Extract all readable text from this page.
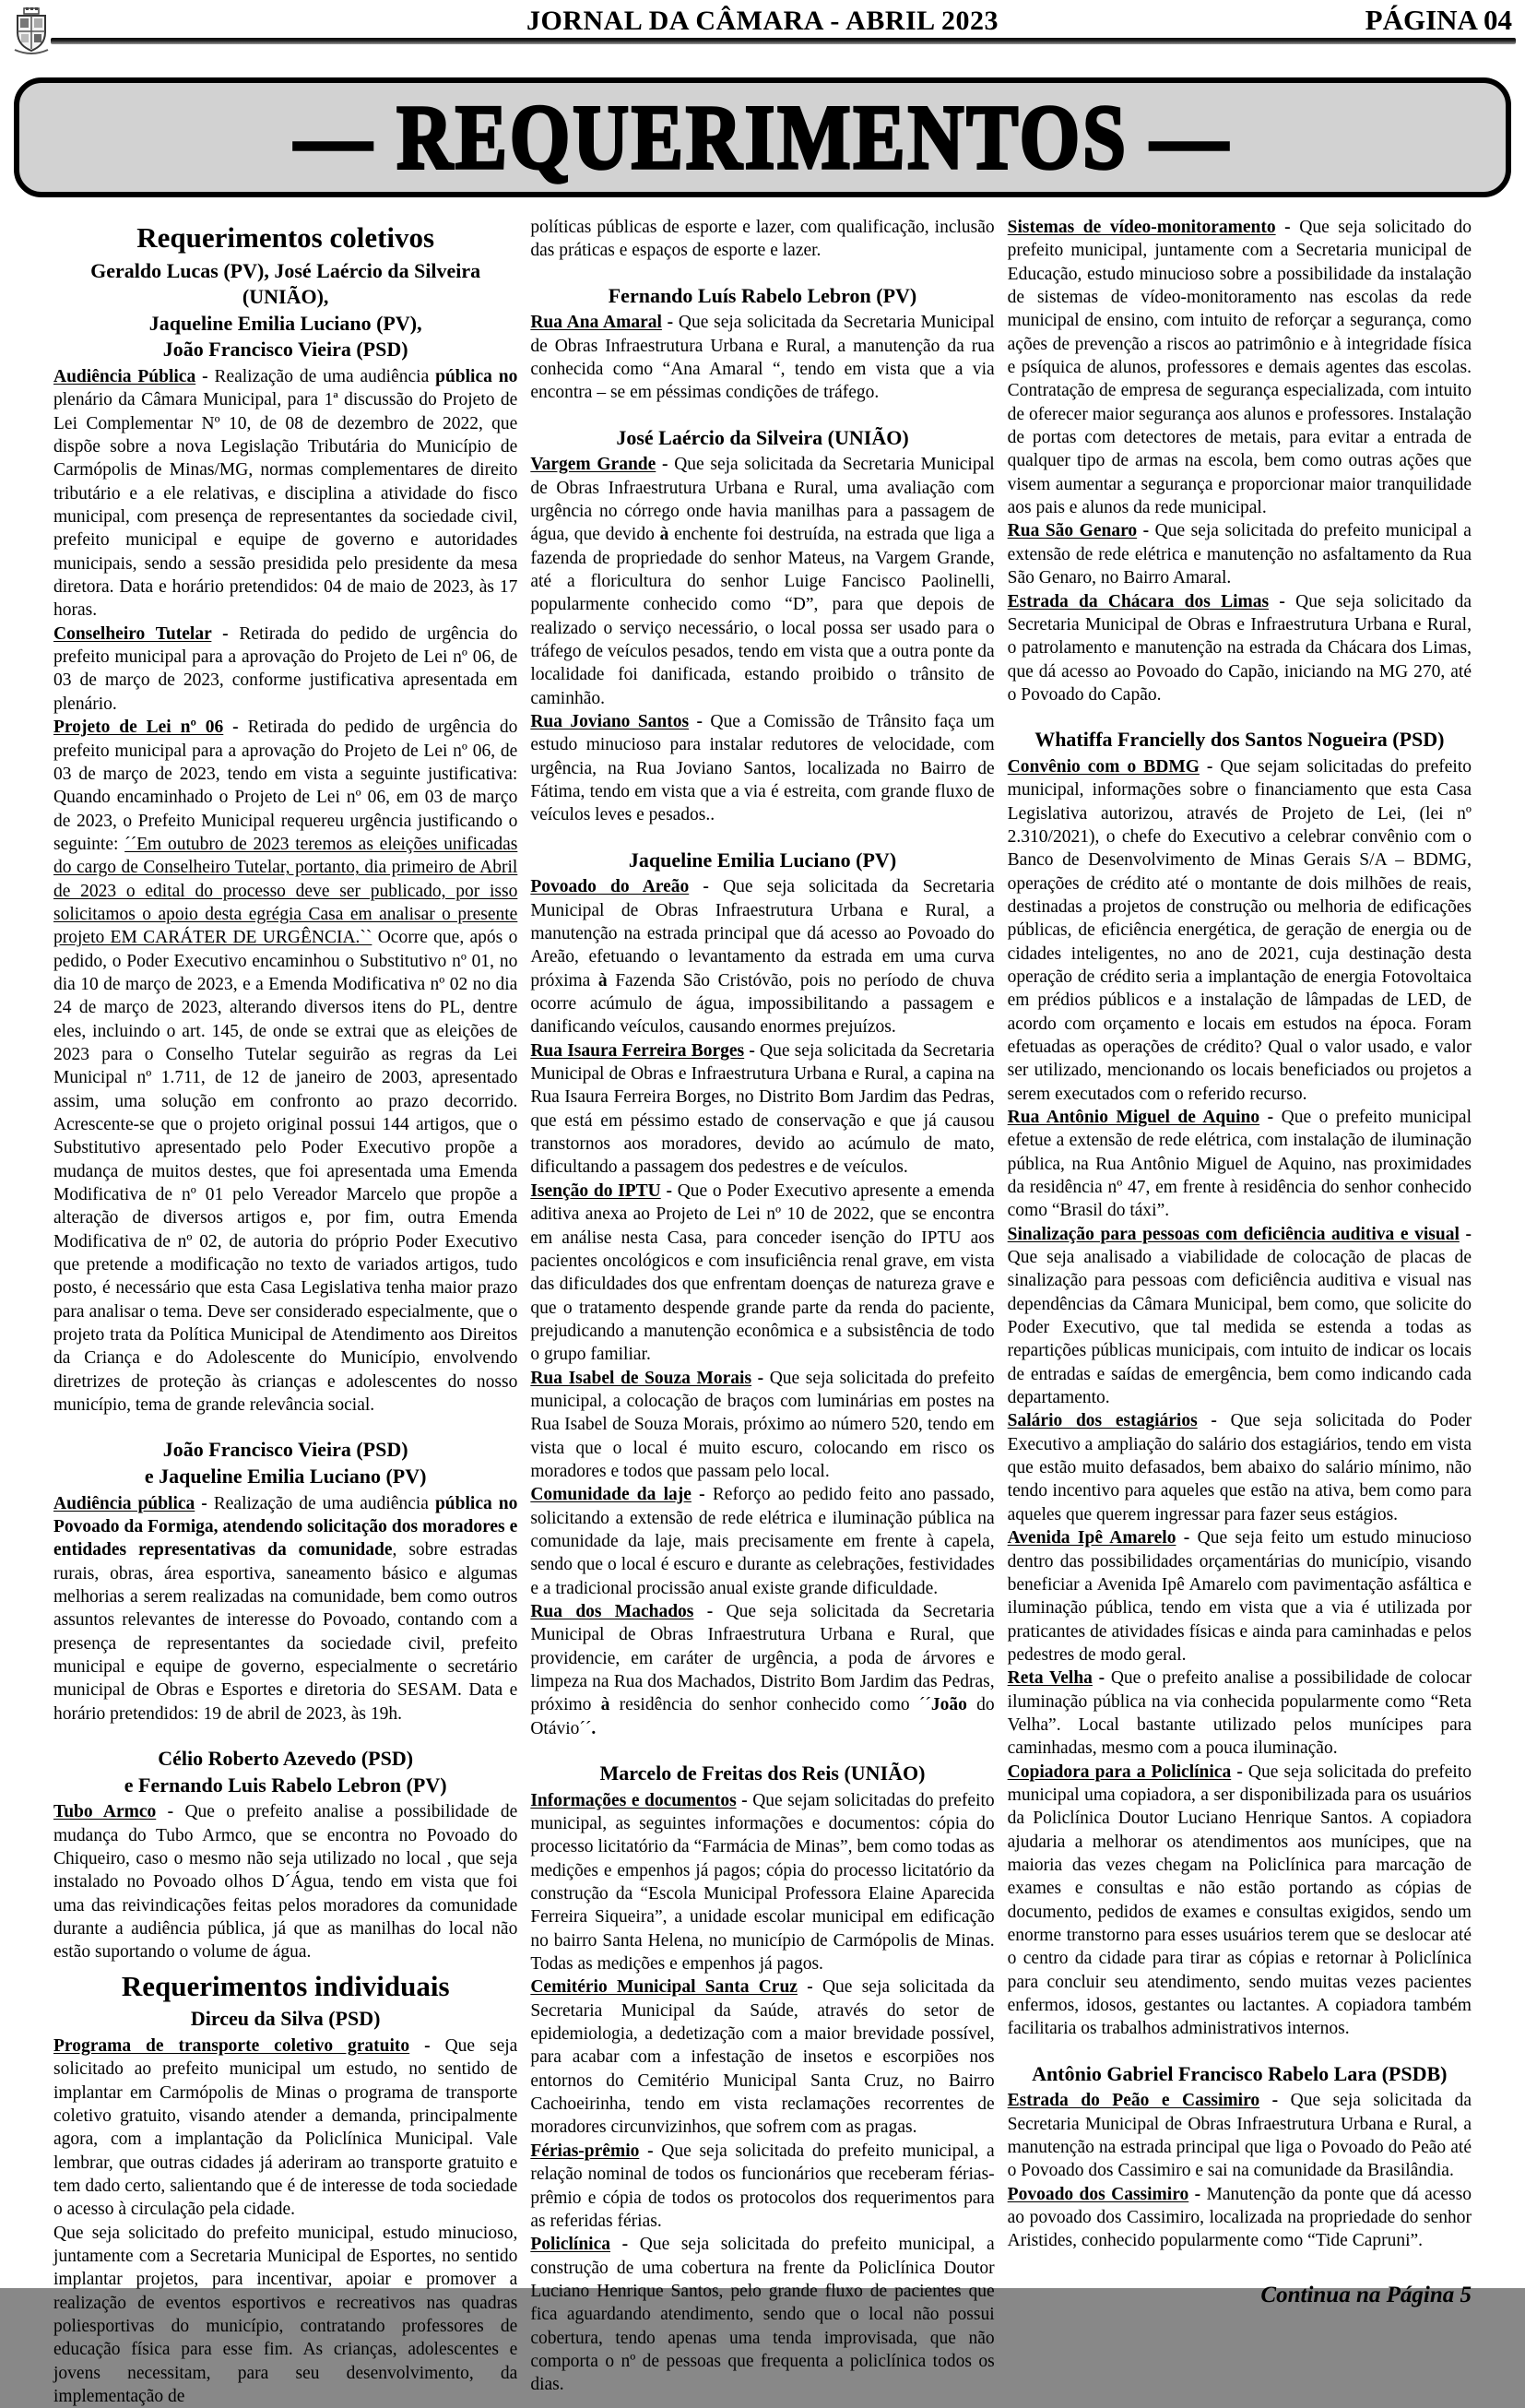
JORNAL DA CÂMARA - ABRIL 2023	PÁGINA 04
— REQUERIMENTOS —
Requerimentos coletivos
Geraldo Lucas (PV), José Laércio da Silveira (UNIÃO),
Jaqueline Emilia Luciano (PV),
João Francisco Vieira (PSD)

Audiência Pública - Realização de uma audiência pública no plenário da Câmara Municipal, para 1ª discussão do Projeto de Lei Complementar Nº 10, de 08 de dezembro de 2022, que dispõe sobre a nova Legislação Tributária do Município de Carmópolis de Minas/MG, normas complementares de direito tributário e a ele relativas, e disciplina a atividade do fisco municipal, com presença de representantes da sociedade civil, prefeito municipal e equipe de governo e autoridades municipais, sendo a sessão presidida pelo presidente da mesa diretora. Data e horário pretendidos: 04 de maio de 2023, às 17 horas.

Conselheiro Tutelar - Retirada do pedido de urgência do prefeito municipal para a aprovação do Projeto de Lei nº 06, de 03 de março de 2023, conforme justificativa apresentada em plenário.

Projeto de Lei nº 06 - Retirada do pedido de urgência do prefeito municipal para a aprovação do Projeto de Lei nº 06, de 03 de março de 2023, tendo em vista a seguinte justificativa: Quando encaminhado o Projeto de Lei nº 06, em 03 de março de 2023, o Prefeito Municipal requereu urgência justificando o seguinte: ´´Em outubro de 2023 teremos as eleições unificadas do cargo de Conselheiro Tutelar, portanto, dia primeiro de Abril de 2023 o edital do processo deve ser publicado, por isso solicitamos o apoio desta egrégia Casa em analisar o presente projeto EM CARÁTER DE URGÊNCIA.`` Ocorre que, após o pedido, o Poder Executivo encaminhou o Substitutivo nº 01, no dia 10 de março de 2023, e a Emenda Modificativa nº 02 no dia 24 de março de 2023, alterando diversos itens do PL, dentre eles, incluindo o art. 145, de onde se extrai que as eleições de 2023 para o Conselho Tutelar seguirão as regras da Lei Municipal nº 1.711, de 12 de janeiro de 2003, apresentado assim, uma solução em confronto ao prazo decorrido. Acrescente-se que o projeto original possui 144 artigos, que o Substitutivo apresentado pelo Poder Executivo propõe a mudança de muitos destes, que foi apresentada uma Emenda Modificativa de nº 01 pelo Vereador Marcelo que propõe a alteração de diversos artigos e, por fim, outra Emenda Modificativa de nº 02, de autoria do próprio Poder Executivo que pretende a modificação no texto de variados artigos, tudo posto, é necessário que esta Casa Legislativa tenha maior prazo para analisar o tema. Deve ser considerado especialmente, que o projeto trata da Política Municipal de Atendimento aos Direitos da Criança e do Adolescente do Município, envolvendo diretrizes de proteção às crianças e adolescentes do nosso município, tema de grande relevância social.

João Francisco Vieira (PSD)
e Jaqueline Emilia Luciano (PV)

Audiência pública - Realização de uma audiência pública no Povoado da Formiga, atendendo solicitação dos moradores e entidades representativas da comunidade, sobre estradas rurais, obras, área esportiva, saneamento básico e algumas melhorias a serem realizadas na comunidade, bem como outros assuntos relevantes de interesse do Povoado, contando com a presença de representantes da sociedade civil, prefeito municipal e equipe de governo, especialmente o secretário municipal de Obras e Esportes e diretoria do SESAM. Data e horário pretendidos: 19 de abril de 2023, às 19h.

Célio Roberto Azevedo (PSD)
e Fernando Luis Rabelo Lebron (PV)

Tubo Armco - Que o prefeito analise a possibilidade de mudança do Tubo Armco, que se encontra no Povoado do Chiqueiro, caso o mesmo não seja utilizado no local , que seja instalado no Povoado olhos D´Água, tendo em vista que foi uma das reivindicações feitas pelos moradores da comunidade durante a audiência pública, já que as manilhas do local não estão suportando o volume de água.

Requerimentos individuais
Dirceu da Silva (PSD)

Programa de transporte coletivo gratuito - Que seja solicitado ao prefeito municipal um estudo, no sentido de implantar em Carmópolis de Minas o programa de transporte coletivo gratuito, visando atender a demanda, principalmente agora, com a implantação da Policlínica Municipal. Vale lembrar, que outras cidades já aderiram ao transporte gratuito e tem dado certo, salientando que é de interesse de toda sociedade o acesso à circulação pela cidade.

Que seja solicitado do prefeito municipal, estudo minucioso, juntamente com a Secretaria Municipal de Esportes, no sentido implantar projetos, para incentivar, apoiar e promover a realização de eventos esportivos e recreativos nas quadras poliesportivas do município, contratando professores de educação física para esse fim. As crianças, adolescentes e jovens necessitam, para seu desenvolvimento, da implementação de

políticas públicas de esporte e lazer, com qualificação, inclusão das práticas e espaços de esporte e lazer.

Fernando Luís Rabelo Lebron (PV)

Rua Ana Amaral - Que seja solicitada da Secretaria Municipal de Obras Infraestrutura Urbana e Rural, a manutenção da rua conhecida como “Ana Amaral “, tendo em vista que a via encontra – se em péssimas condições de tráfego.

José Laércio da Silveira (UNIÃO)

Vargem Grande - Que seja solicitada da Secretaria Municipal de Obras Infraestrutura Urbana e Rural, uma avaliação com urgência no córrego onde havia manilhas para a passagem de água, que devido à enchente foi destruída, na estrada que liga a fazenda de propriedade do senhor Mateus, na Vargem Grande, até a floricultura do senhor Luige Fancisco Paolinelli, popularmente conhecido como “D”, para que depois de realizado o serviço necessário, o local possa ser usado para o tráfego de veículos pesados, tendo em vista que a outra ponte da localidade foi danificada, estando proibido o trânsito de caminhão.

Rua Joviano Santos - Que a Comissão de Trânsito faça um estudo minucioso para instalar redutores de velocidade, com urgência, na Rua Joviano Santos, localizada no Bairro de Fátima, tendo em vista que a via é estreita, com grande fluxo de veículos leves e pesados..

Jaqueline Emilia Luciano (PV)

Povoado do Areão - Que seja solicitada da Secretaria Municipal de Obras Infraestrutura Urbana e Rural, a manutenção na estrada principal que dá acesso ao Povoado do Areão, efetuando o levantamento da estrada em uma curva próxima à Fazenda São Cristóvão, pois no período de chuva ocorre acúmulo de água, impossibilitando a passagem e danificando veículos, causando enormes prejuízos.

Rua Isaura Ferreira Borges - Que seja solicitada da Secretaria Municipal de Obras e Infraestrutura Urbana e Rural, a capina na Rua Isaura Ferreira Borges, no Distrito Bom Jardim das Pedras, que está em péssimo estado de conservação e que já causou transtornos aos moradores, devido ao acúmulo de mato, dificultando a passagem dos pedestres e de veículos.

Isenção do IPTU - Que o Poder Executivo apresente a emenda aditiva anexa ao Projeto de Lei nº 10 de 2022, que se encontra em análise nesta Casa, para conceder isenção do IPTU aos pacientes oncológicos e com insuficiência renal grave, em vista das dificuldades dos que enfrentam doenças de natureza grave e que o tratamento despende grande parte da renda do paciente, prejudicando a manutenção econômica e a subsistência de todo o grupo familiar.

Rua Isabel de Souza Morais - Que seja solicitada do prefeito municipal, a colocação de braços com luminárias em postes na Rua Isabel de Souza Morais, próximo ao número 520, tendo em vista que o local é muito escuro, colocando em risco os moradores e todos que passam pelo local.

Comunidade da laje - Reforço ao pedido feito ano passado, solicitando a extensão de rede elétrica e iluminação pública na comunidade da laje, mais precisamente em frente à capela, sendo que o local é escuro e durante as celebrações, festividades e a tradicional procissão anual existe grande dificuldade.

Rua dos Machados - Que seja solicitada da Secretaria Municipal de Obras Infraestrutura Urbana e Rural, que providencie, em caráter de urgência, a poda de árvores e limpeza na Rua dos Machados, Distrito Bom Jardim das Pedras, próximo à residência do senhor conhecido como ´´João do Otávio´´.

Marcelo de Freitas dos Reis (UNIÃO)

Informações e documentos - Que sejam solicitadas do prefeito municipal, as seguintes informações e documentos: cópia do processo licitatório da “Farmácia de Minas”, bem como todas as medições e empenhos já pagos; cópia do processo licitatório da construção da “Escola Municipal Professora Elaine Aparecida Ferreira Siqueira”, a unidade escolar municipal em edificação no bairro Santa Helena, no município de Carmópolis de Minas. Todas as medições e empenhos já pagos.

Cemitério Municipal Santa Cruz - Que seja solicitada da Secretaria Municipal da Saúde, através do setor de epidemiologia, a dedetização com a maior brevidade possível, para acabar com a infestação de insetos e escorpiões nos entornos do Cemitério Municipal Santa Cruz, no Bairro Cachoeirinha, tendo em vista reclamações recorrentes de moradores circunvizinhos, que sofrem com as pragas.

Férias-prêmio - Que seja solicitada do prefeito municipal, a relação nominal de todos os funcionários que receberam férias-prêmio e cópia de todos os protocolos dos requerimentos para as referidas férias.

Policlínica - Que seja solicitada do prefeito municipal, a construção de uma cobertura na frente da Policlínica Doutor Luciano Henrique Santos, pelo grande fluxo de pacientes que fica aguardando atendimento, sendo que o local não possui cobertura, tendo apenas uma tenda improvisada, que não comporta o nº de pessoas que frequenta a policlínica todos os dias.

Sistemas de vídeo-monitoramento - Que seja solicitado do prefeito municipal, juntamente com a Secretaria municipal de Educação, estudo minucioso sobre a possibilidade da instalação de sistemas de vídeo-monitoramento nas escolas da rede municipal de ensino, com intuito de reforçar a segurança, como ações de prevenção a riscos ao patrimônio e à integridade física e psíquica de alunos, professores e demais agentes das escolas. Contratação de empresa de segurança especializada, com intuito de oferecer maior segurança aos alunos e professores. Instalação de portas com detectores de metais, para evitar a entrada de qualquer tipo de armas na escola, bem como outras ações que visem aumentar a segurança e proporcionar maior tranquilidade aos pais e alunos da rede municipal.

Rua São Genaro - Que seja solicitada do prefeito municipal a extensão de rede elétrica e manutenção no asfaltamento da Rua São Genaro, no Bairro Amaral.

Estrada da Chácara dos Limas - Que seja solicitado da Secretaria Municipal de Obras e Infraestrutura Urbana e Rural, o patrolamento e manutenção na estrada da Chácara dos Limas, que dá acesso ao Povoado do Capão, iniciando na MG 270, até o Povoado do Capão.

Whatiffa Francielly dos Santos Nogueira (PSD)

Convênio com o BDMG - Que sejam solicitadas do prefeito municipal, informações sobre o financiamento que esta Casa Legislativa autorizou, através de Projeto de Lei, (lei nº 2.310/2021), o chefe do Executivo a celebrar convênio com o Banco de Desenvolvimento de Minas Gerais S/A – BDMG, operações de crédito até o montante de dois milhões de reais, destinadas a projetos de construção ou melhoria de edificações públicas, de eficiência energética, de geração de energia ou de cidades inteligentes, no ano de 2021, cuja destinação desta operação de crédito seria a implantação de energia Fotovoltaica em prédios públicos e a instalação de lâmpadas de LED, de acordo com orçamento e locais em estudos na época. Foram efetuadas as operações de crédito? Qual o valor usado, e valor ser utilizado, mencionando os locais beneficiados ou projetos a serem executados com o referido recurso.

Rua Antônio Miguel de Aquino - Que o prefeito municipal efetue a extensão de rede elétrica, com instalação de iluminação pública, na Rua Antônio Miguel de Aquino, nas proximidades da residência nº 47, em frente à residência do senhor conhecido como “Brasil do táxi”.

Sinalização para pessoas com deficiência auditiva e visual - Que seja analisado a viabilidade de colocação de placas de sinalização para pessoas com deficiência auditiva e visual nas dependências da Câmara Municipal, bem como, que solicite do Poder Executivo, que tal medida se estenda a todas as repartições públicas municipais, com intuito de indicar os locais de entradas e saídas de emergência, bem como indicando cada departamento.

Salário dos estagiários - Que seja solicitada do Poder Executivo a ampliação do salário dos estagiários, tendo em vista que estão muito defasados, bem abaixo do salário mínimo, não tendo incentivo para aqueles que estão na ativa, bem como para aqueles que querem ingressar para fazer seus estágios.

Avenida Ipê Amarelo - Que seja feito um estudo minucioso dentro das possibilidades orçamentárias do município, visando beneficiar a Avenida Ipê Amarelo com pavimentação asfáltica e iluminação pública, tendo em vista que a via é utilizada por praticantes de atividades físicas e ainda para caminhadas e pelos pedestres de modo geral.

Reta Velha - Que o prefeito analise a possibilidade de colocar iluminação pública na via conhecida popularmente como “Reta Velha”. Local bastante utilizado pelos munícipes para caminhadas, mesmo com a pouca iluminação.

Copiadora para a Policlínica - Que seja solicitada do prefeito municipal uma copiadora, a ser disponibilizada para os usuários da Policlínica Doutor Luciano Henrique Santos. A copiadora ajudaria a melhorar os atendimentos aos munícipes, que na maioria das vezes chegam na Policlínica para marcação de exames e consultas e não estão portando as cópias de documento, pedidos de exames e consultas exigidos, sendo um enorme transtorno para esses usuários terem que se deslocar até o centro da cidade para tirar as cópias e retornar à Policlínica para concluir seu atendimento, sendo muitas vezes pacientes enfermos, idosos, gestantes ou lactantes. A copiadora também facilitaria os trabalhos administrativos internos.

Antônio Gabriel Francisco Rabelo Lara (PSDB)

Estrada do Peão e Cassimiro - Que seja solicitada da Secretaria Municipal de Obras Infraestrutura Urbana e Rural, a manutenção na estrada principal que liga o Povoado do Peão até o Povoado dos Cassimiro e sai na comunidade da Brasilândia.

Povoado dos Cassimiro - Manutenção da ponte que dá acesso ao povoado dos Cassimiro, localizada na propriedade do senhor Aristides, conhecido popularmente como “Tide Capruni”.

Continua na Página 5
